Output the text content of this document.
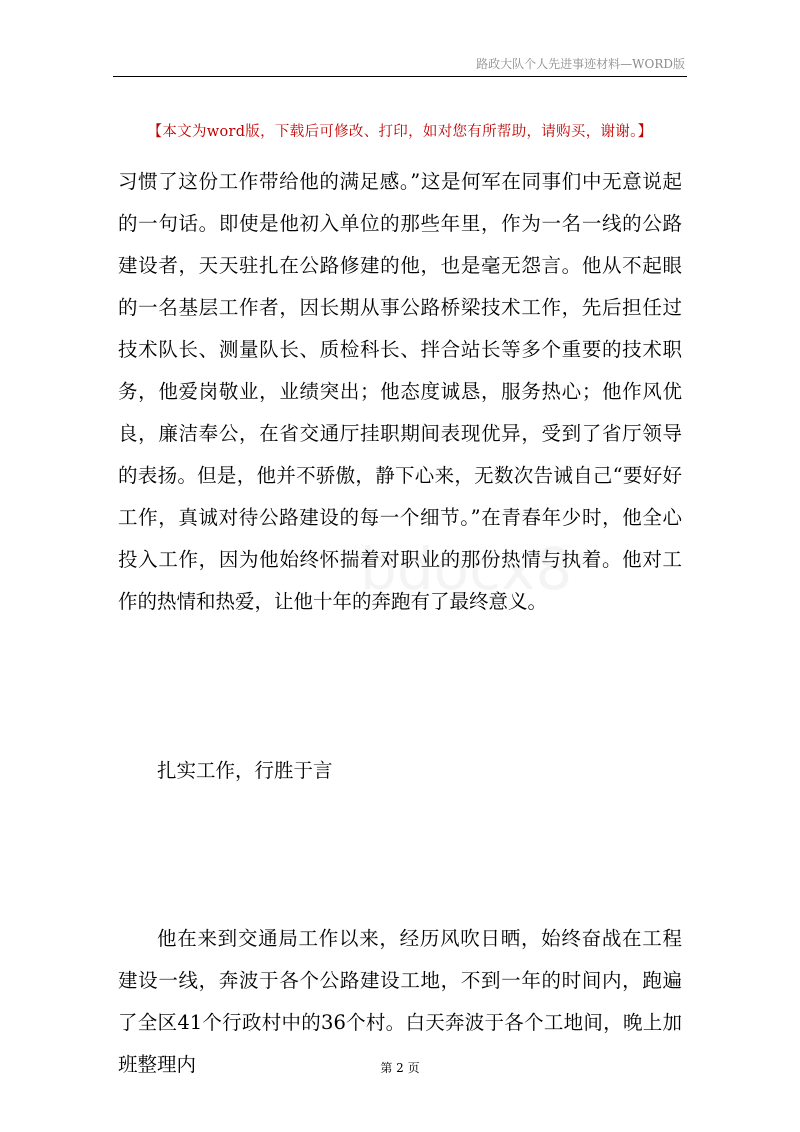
路政大队个人先进事迹材料—WORD版
【本文为word版，下载后可修改、打印，如对您有所帮助，请购买，谢谢。】
习惯了这份工作带给他的满足感。”这是何军在同事们中无意说起的一句话。即使是他初入单位的那些年里，作为一名一线的公路建设者，天天驻扎在公路修建的他，也是毫无怨言。他从不起眼的一名基层工作者，因长期从事公路桥梁技术工作，先后担任过技术队长、测量队长、质检科长、拌合站长等多个重要的技术职务，他爱岗敬业，业绩突出；他态度诚恳，服务热心；他作风优良，廉洁奉公，在省交通厅挂职期间表现优异，受到了省厅领导的表扬。但是，他并不骄傲，静下心来，无数次告诫自己“要好好工作，真诚对待公路建设的每一个细节。”在青春年少时，他全心投入工作，因为他始终怀揣着对职业的那份热情与执着。他对工作的热情和热爱，让他十年的奔跑有了最终意义。
扎实工作，行胜于言
他在来到交通局工作以来，经历风吹日晒，始终奋战在工程建设一线，奔波于各个公路建设工地，不到一年的时间内，跑遍了全区41个行政村中的36个村。白天奔波于各个工地间，晚上加班整理内	第 2 页
